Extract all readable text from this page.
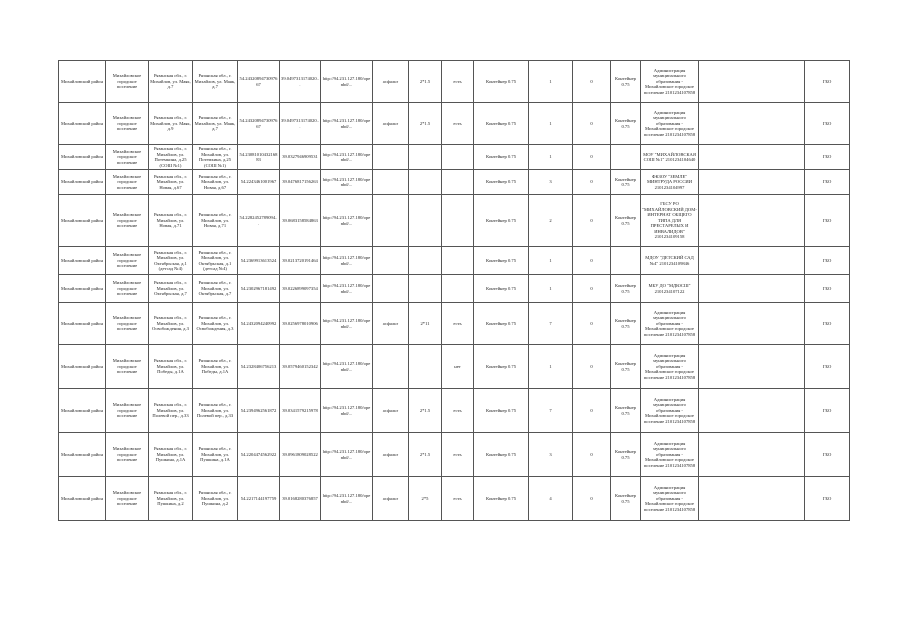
Михайловский район	Михайловское городское поселение	Рязанская обл., г. Михайлов, ул. Маяк, д.7	Рязанская обл., г. Михайлов, ул. Маяк, д.7	54.2432089473097667	39.0497313174020...	http://94.231.127.180/openbd/...	асфальт	2*1.5	есть	Контейнер 0.75	1	0	Контейнер 0.75	Администрация муниципального образования - Михайловское городское поселение 2101234107858		ГБО
Михайловский район	Михайловское городское поселение	Рязанская обл., г. Михайлов, ул. Маяк, д.9	Рязанская обл., г. Михайлов, ул. Маяк, д.7	54.2432089473097667	39.0497313174020...	http://94.231.127.180/openbd/...	асфальт	2*1.5	есть	Контейнер 0.75	1	0	Контейнер 0.75	Администрация муниципального образования - Михайловское городское поселение 2101234107858		ГБО
Михайловский район	Михайловское городское поселение	Рязанская обл., г. Михайлов, ул. Потемкина, д.25 (СОШ №1)	Рязанская обл., г. Михайлов, ул. Потемкина, д.25 (СОШ №1)	54.2308101043216883	39.0327946909531	http://94.231.127.180/openbd/...				Контейнер 0.75	1	0		МОУ "МИХАЙЛОВСКАЯ СОШ №1" 2101234104640		ГБО
Михайловский район	Михайловское городское поселение	Рязанская обл., г. Михайлов, ул. Новая, д.67	Рязанская обл., г. Михайлов, ул. Новая, д.67	54.2243461001967	39.0476817156263	http://94.231.127.180/openbd/...				Контейнер 0.75	3	0	Контейнер 0.75	ФКЗОУ "ЗЕМЛЕ" МИНТРУДА РОССИИ 2101234104997		ГБО
Михайловский район	Михайловское городское поселение	Рязанская обл., г. Михайлов, ул. Новая, д.71	Рязанская обл., г. Михайлов, ул. Новая, д.71	54.2282452789094...	39.0683158584863	http://94.231.127.180/openbd/...				Контейнер 0.75	2	0	Контейнер 0.75	ГБСУ РО "МИХАЙЛОВСКИЙ ДОМ-ИНТЕРНАТ ОБЩЕГО ТИПА ДЛЯ ПРЕСТАРЕЛЫХ И ИНВАЛИДОВ" 2101234109158		ГБО
Михайловский район	Михайловское городское поселение	Рязанская обл., г. Михайлов, ул. Октябрьская, д.1 (детсад №4)	Рязанская обл., г. Михайлов, ул. Октябрьская, д.1 (детсад №4)	54.2369913613524	39.0213720191464	http://94.231.127.180/openbd/...				Контейнер 0.75	1	0		МДОУ "ДЕТСКИЙ САД №4" 2101234109846		ГБО
Михайловский район	Михайловское городское поселение	Рязанская обл., г. Михайлов, ул. Октябрьская, д.7	Рязанская обл., г. Михайлов, ул. Октябрьская, д.7	54.2302967181492	39.0226899097354	http://94.231.127.180/openbd/...				Контейнер 0.75	1	0	Контейнер 0.75	МБУ ДО "МДЮСШ" 2101234107122		ГБО
Михайловский район	Михайловское городское поселение	Рязанская обл., г. Михайлов, ул. Освобождения, д.3	Рязанская обл., г. Михайлов, ул. Освобождения, д.3	54.2432094240992	39.0256978010906	http://94.231.127.180/openbd/...	асфальт	2*11	есть	Контейнер 0.75	7	0	Контейнер 0.75	Администрация муниципального образования - Михайловское городское поселение 2101234107858		ГБО
Михайловский район	Михайловское городское поселение	Рязанская обл., г. Михайлов, ул. Победы, д.1А	Рязанская обл., г. Михайлов, ул. Победы, д.1А	54.2328406756213	39.0579460152342	http://94.231.127.180/openbd/...			нет	Контейнер 0.75	1	0	Контейнер 0.75	Администрация муниципального образования - Михайловское городское поселение 2101234107858		ГБО
Михайловский район	Михайловское городское поселение	Рязанская обл., г. Михайлов, ул. Полевой пер., д.33	Рязанская обл., г. Михайлов, ул. Полевой пер., д.33	54.2394962561872	39.0341579215978	http://94.231.127.180/openbd/...	асфальт	2*1.5	есть	Контейнер 0.75	7	0	Контейнер 0.75	Администрация муниципального образования - Михайловское городское поселение 2101234107858		ГБО
Михайловский район	Михайловское городское поселение	Рязанская обл., г. Михайлов, ул. Пушкина, д.1А	Рязанская обл., г. Михайлов, ул. Пушкина, д.1А	54.2204474562922	39.0961809028522	http://94.231.127.180/openbd/...	асфальт	2*1.5	есть	Контейнер 0.75	3	0	Контейнер 0.75	Администрация муниципального образования - Михайловское городское поселение 2101234107858		ГБО
Михайловский район	Михайловское городское поселение	Рязанская обл., г. Михайлов, ул. Пушкина, д.2	Рязанская обл., г. Михайлов, ул. Пушкина, д.2	54.2217144197759	39.0168280376857	http://94.231.127.180/openbd/...	асфальт	2*5	есть	Контейнер 0.75	4	0	Контейнер 0.75	Администрация муниципального образования - Михайловское городское поселение 2101234107858		ГБО
